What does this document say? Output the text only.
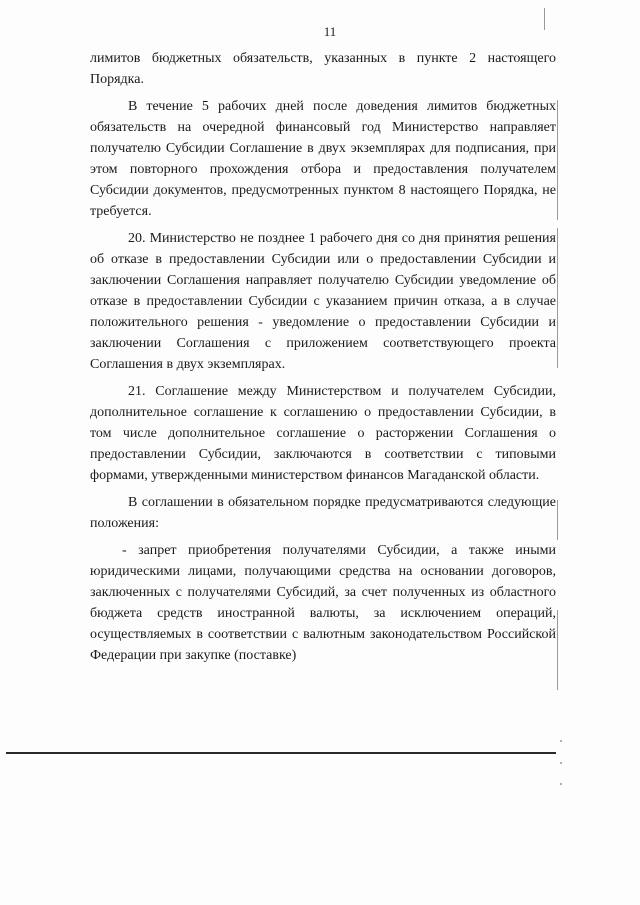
11

лимитов бюджетных обязательств, указанных в пункте 2 настоящего Порядка.

В течение 5 рабочих дней после доведения лимитов бюджетных обязательств на очередной финансовый год Министерство направляет получателю Субсидии Соглашение в двух экземплярах для подписания, при этом повторного прохождения отбора и предоставления получателем Субсидии документов, предусмотренных пунктом 8 настоящего Порядка, не требуется.

20. Министерство не позднее 1 рабочего дня со дня принятия решения об отказе в предоставлении Субсидии или о предоставлении Субсидии и заключении Соглашения направляет получателю Субсидии уведомление об отказе в предоставлении Субсидии с указанием причин отказа, а в случае положительного решения - уведомление о предоставлении Субсидии и заключении Соглашения с приложением соответствующего проекта Соглашения в двух экземплярах.

21. Соглашение между Министерством и получателем Субсидии, дополнительное соглашение к соглашению о предоставлении Субсидии, в том числе дополнительное соглашение о расторжении Соглашения о предоставлении Субсидии, заключаются в соответствии с типовыми формами, утвержденными министерством финансов Магаданской области.

В соглашении в обязательном порядке предусматриваются следующие положения:

- запрет приобретения получателями Субсидии, а также иными юридическими лицами, получающими средства на основании договоров, заключенных с получателями Субсидий, за счет полученных из областного бюджета средств иностранной валюты, за исключением операций, осуществляемых в соответствии с валютным законодательством Российской Федерации при закупке (поставке)
